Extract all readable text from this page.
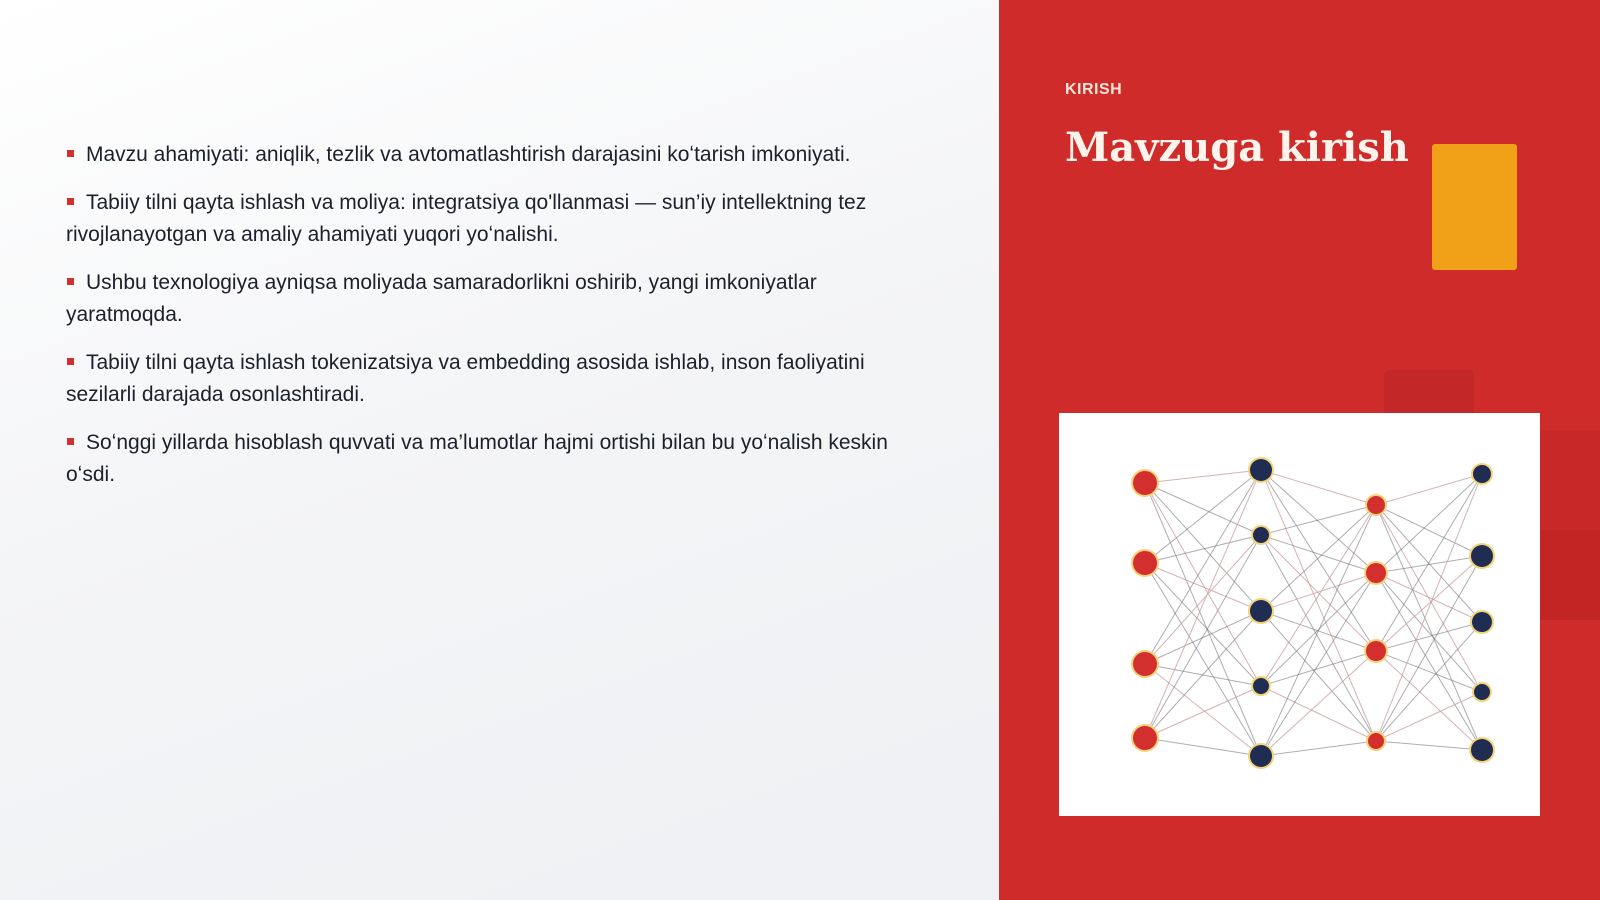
Mavzu ahamiyati: aniqlik, tezlik va avtomatlashtirish darajasini koʻtarish imkoniyati.
Tabiiy tilni qayta ishlash va moliya: integratsiya qo'llanmasi — sun’iy intellektning tez rivojlanayotgan va amaliy ahamiyati yuqori yoʻnalishi.
Ushbu texnologiya ayniqsa moliyada samaradorlikni oshirib, yangi imkoniyatlar yaratmoqda.
Tabiiy tilni qayta ishlash tokenizatsiya va embedding asosida ishlab, inson faoliyatini sezilarli darajada osonlashtiradi.
Soʻnggi yillarda hisoblash quvvati va ma’lumotlar hajmi ortishi bilan bu yoʻnalish keskin oʻsdi.
KIRISH
Mavzuga kirish
